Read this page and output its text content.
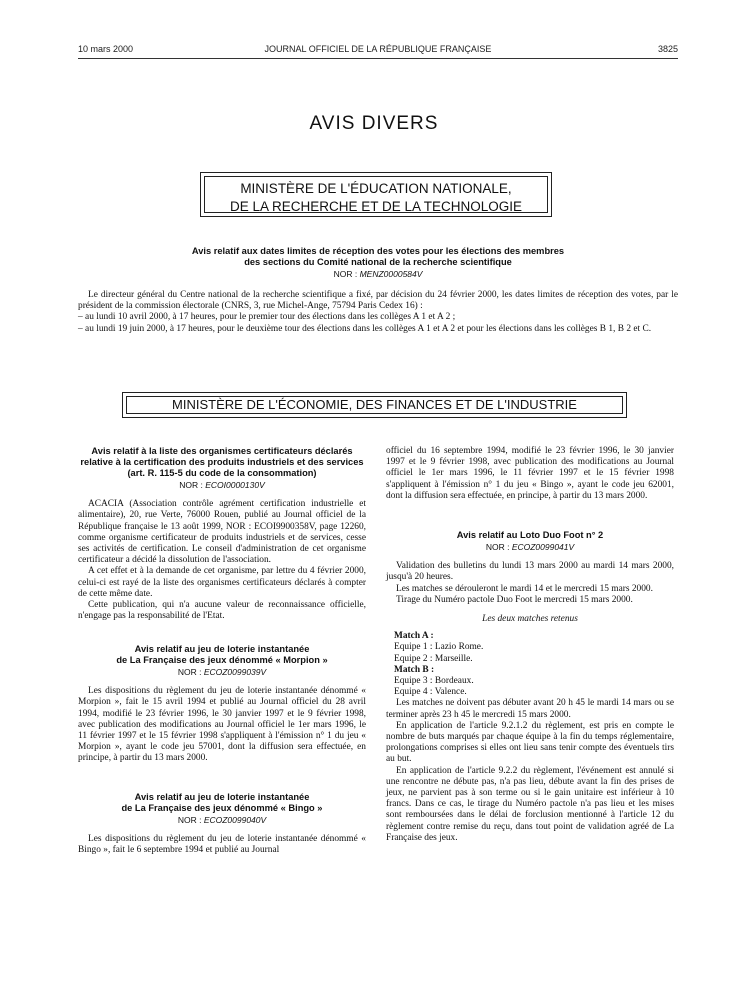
10 mars 2000	JOURNAL OFFICIEL DE LA RÉPUBLIQUE FRANÇAISE	3825
AVIS DIVERS
MINISTÈRE DE L'ÉDUCATION NATIONALE,
DE LA RECHERCHE ET DE LA TECHNOLOGIE
Avis relatif aux dates limites de réception des votes pour les élections des membres
des sections du Comité national de la recherche scientifique
NOR : MENZ0000584V

Le directeur général du Centre national de la recherche scientifique a fixé, par décision du 24 février 2000, les dates limites de réception des votes, par le président de la commission électorale (CNRS, 3, rue Michel-Ange, 75794 Paris Cedex 16) :

– au lundi 10 avril 2000, à 17 heures, pour le premier tour des élections dans les collèges A 1 et A 2 ;

– au lundi 19 juin 2000, à 17 heures, pour le deuxième tour des élections dans les collèges A 1 et A 2 et pour les élections dans les collèges B 1, B 2 et C.

MINISTÈRE DE L'ÉCONOMIE, DES FINANCES ET DE L'INDUSTRIE
Avis relatif à la liste des organismes certificateurs déclarés relative à la certification des produits industriels et des services (art. R. 115-5 du code de la consommation)
NOR : ECOI0000130V

ACACIA (Association contrôle agrément certification industrielle et alimentaire), 20, rue Verte, 76000 Rouen, publié au Journal officiel de la République française le 13 août 1999, NOR : ECOI9900358V, page 12260, comme organisme certificateur de produits industriels et de services, cesse ses activités de certification. Le conseil d'administration de cet organisme certificateur a décidé la dissolution de l'association.

A cet effet et à la demande de cet organisme, par lettre du 4 février 2000, celui-ci est rayé de la liste des organismes certificateurs déclarés à compter de cette même date.

Cette publication, qui n'a aucune valeur de reconnaissance officielle, n'engage pas la responsabilité de l'Etat.

Avis relatif au jeu de loterie instantanée
de La Française des jeux dénommé « Morpion »
NOR : ECOZ0099039V

Les dispositions du règlement du jeu de loterie instantanée dénommé « Morpion », fait le 15 avril 1994 et publié au Journal officiel du 28 avril 1994, modifié le 23 février 1996, le 30 janvier 1997 et le 9 février 1998, avec publication des modifications au Journal officiel le 1er mars 1996, le 11 février 1997 et le 15 février 1998 s'appliquent à l'émission n° 1 du jeu « Morpion », ayant le code jeu 57001, dont la diffusion sera effectuée, en principe, à partir du 13 mars 2000.

Avis relatif au jeu de loterie instantanée
de La Française des jeux dénommé « Bingo »
NOR : ECOZ0099040V

Les dispositions du règlement du jeu de loterie instantanée dénommé « Bingo », fait le 6 septembre 1994 et publié au Journal

officiel du 16 septembre 1994, modifié le 23 février 1996, le 30 janvier 1997 et le 9 février 1998, avec publication des modifications au Journal officiel le 1er mars 1996, le 11 février 1997 et le 15 février 1998 s'appliquent à l'émission n° 1 du jeu « Bingo », ayant le code jeu 62001, dont la diffusion sera effectuée, en principe, à partir du 13 mars 2000.

Avis relatif au Loto Duo Foot n° 2
NOR : ECOZ0099041V

Validation des bulletins du lundi 13 mars 2000 au mardi 14 mars 2000, jusqu'à 20 heures.

Les matches se dérouleront le mardi 14 et le mercredi 15 mars 2000.

Tirage du Numéro pactole Duo Foot le mercredi 15 mars 2000.

Les deux matches retenus
Match A :
Equipe 1 : Lazio Rome.
Equipe 2 : Marseille.
Match B :
Equipe 3 : Bordeaux.
Equipe 4 : Valence.

Les matches ne doivent pas débuter avant 20 h 45 le mardi 14 mars ou se terminer après 23 h 45 le mercredi 15 mars 2000.

En application de l'article 9.2.1.2 du règlement, est pris en compte le nombre de buts marqués par chaque équipe à la fin du temps réglementaire, prolongations comprises si elles ont lieu sans tenir compte des éventuels tirs au but.

En application de l'article 9.2.2 du règlement, l'événement est annulé si une rencontre ne débute pas, n'a pas lieu, débute avant la fin des prises de jeux, ne parvient pas à son terme ou si le gain unitaire est inférieur à 10 francs. Dans ce cas, le tirage du Numéro pactole n'a pas lieu et les mises sont remboursées dans le délai de forclusion mentionné à l'article 12 du règlement contre remise du reçu, dans tout point de validation agréé de La Française des jeux.
